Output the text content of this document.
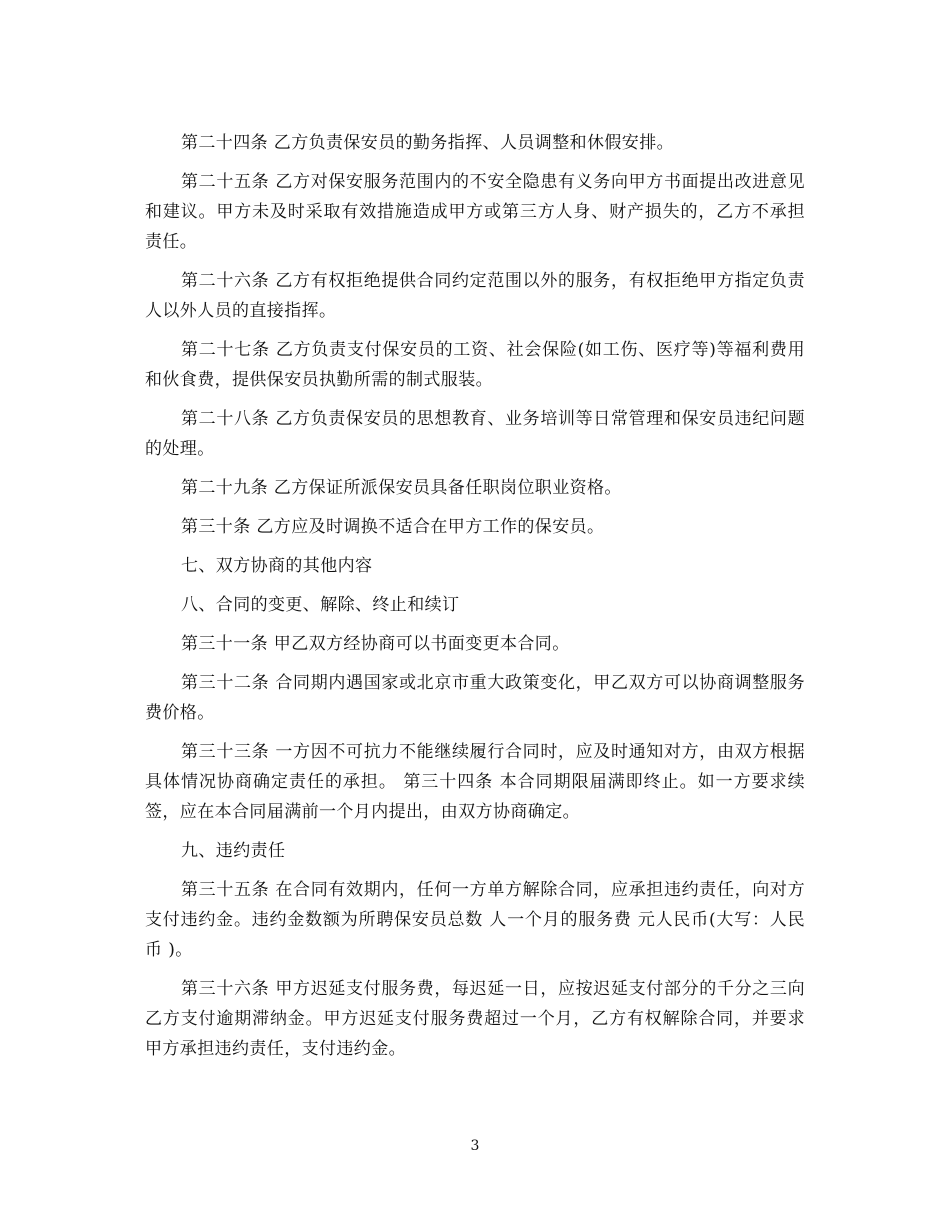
第二十四条 乙方负责保安员的勤务指挥、人员调整和休假安排。

第二十五条 乙方对保安服务范围内的不安全隐患有义务向甲方书面提出改进意见和建议。甲方未及时采取有效措施造成甲方或第三方人身、财产损失的，乙方不承担责任。

第二十六条 乙方有权拒绝提供合同约定范围以外的服务，有权拒绝甲方指定负责人以外人员的直接指挥。

第二十七条 乙方负责支付保安员的工资、社会保险(如工伤、医疗等)等福利费用和伙食费，提供保安员执勤所需的制式服装。

第二十八条 乙方负责保安员的思想教育、业务培训等日常管理和保安员违纪问题的处理。

第二十九条 乙方保证所派保安员具备任职岗位职业资格。

第三十条 乙方应及时调换不适合在甲方工作的保安员。

七、双方协商的其他内容

八、合同的变更、解除、终止和续订

第三十一条 甲乙双方经协商可以书面变更本合同。

第三十二条 合同期内遇国家或北京市重大政策变化，甲乙双方可以协商调整服务费价格。

第三十三条 一方因不可抗力不能继续履行合同时，应及时通知对方，由双方根据具体情况协商确定责任的承担。 第三十四条 本合同期限届满即终止。如一方要求续签，应在本合同届满前一个月内提出，由双方协商确定。

九、违约责任

第三十五条 在合同有效期内，任何一方单方解除合同，应承担违约责任，向对方支付违约金。违约金数额为所聘保安员总数 人一个月的服务费 元人民币(大写：人民币 )。

第三十六条 甲方迟延支付服务费，每迟延一日，应按迟延支付部分的千分之三向乙方支付逾期滞纳金。甲方迟延支付服务费超过一个月，乙方有权解除合同，并要求甲方承担违约责任，支付违约金。

3
